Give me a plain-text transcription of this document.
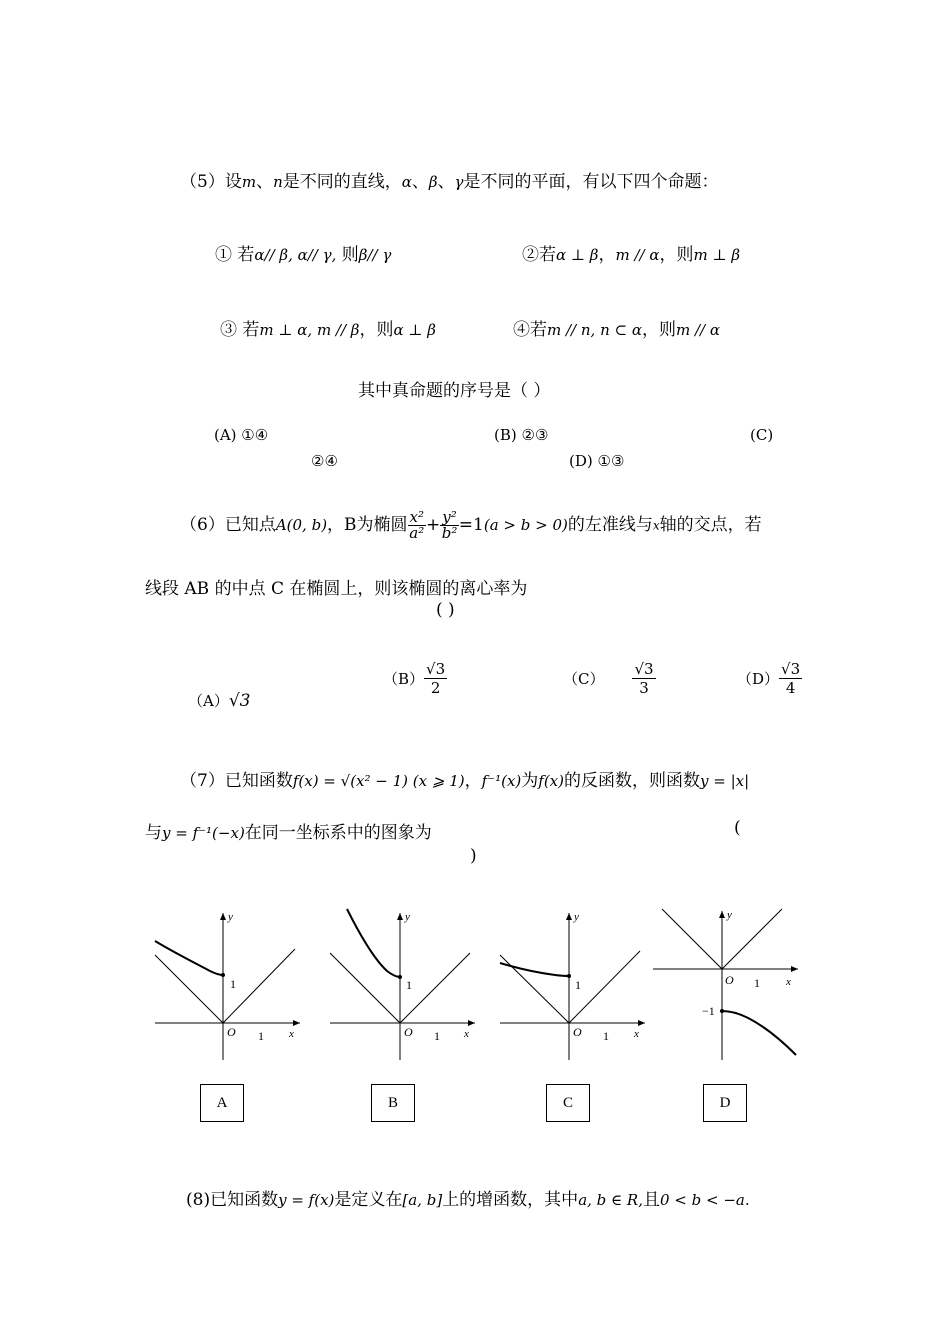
（5）设m、n是不同的直线，α、β、γ是不同的平面，有以下四个命题：
① 若α// β, α// γ, 则β// γ	②若α ⊥ β，m // α，则m ⊥ β
③ 若m ⊥ α, m // β，则α ⊥ β	④若m // n, n ⊂ α，则m // α
其中真命题的序号是（ ）
(A) ①④	(B) ②③	(C)
②④	(D) ①③
（6）已知点A(0, b)，B为椭圆 $\frac{\text{x²}}{\text{a²}} + \frac{\text{y²}}{\text{b²}} =1(a > b > 0)$的左准线与x轴的交点，若
线段 AB 的中点 C 在椭圆上，则该椭圆的离心率为
( )
（A）√3
$(B) \frac{√3}{2}$	$(C) \frac{√3}{3}$	$(D) \frac{√3}{4}$
（7）已知函数f(x) = √(x² − 1) (x ⩾ 1)，f⁻¹(x)为f(x)的反函数，则函数y = |x|
与y = f⁻¹(−x)在同一坐标系中的图象为	(
)
y
x
O
1
1
A
y
x
O
1
1
B
y
x
O
1
1
C
y
x
O 1
−1
D
(8)已知函数y = f(x)是定义在[a, b]上的增函数，其中a, b ∈ R,且0 < b < −a.
